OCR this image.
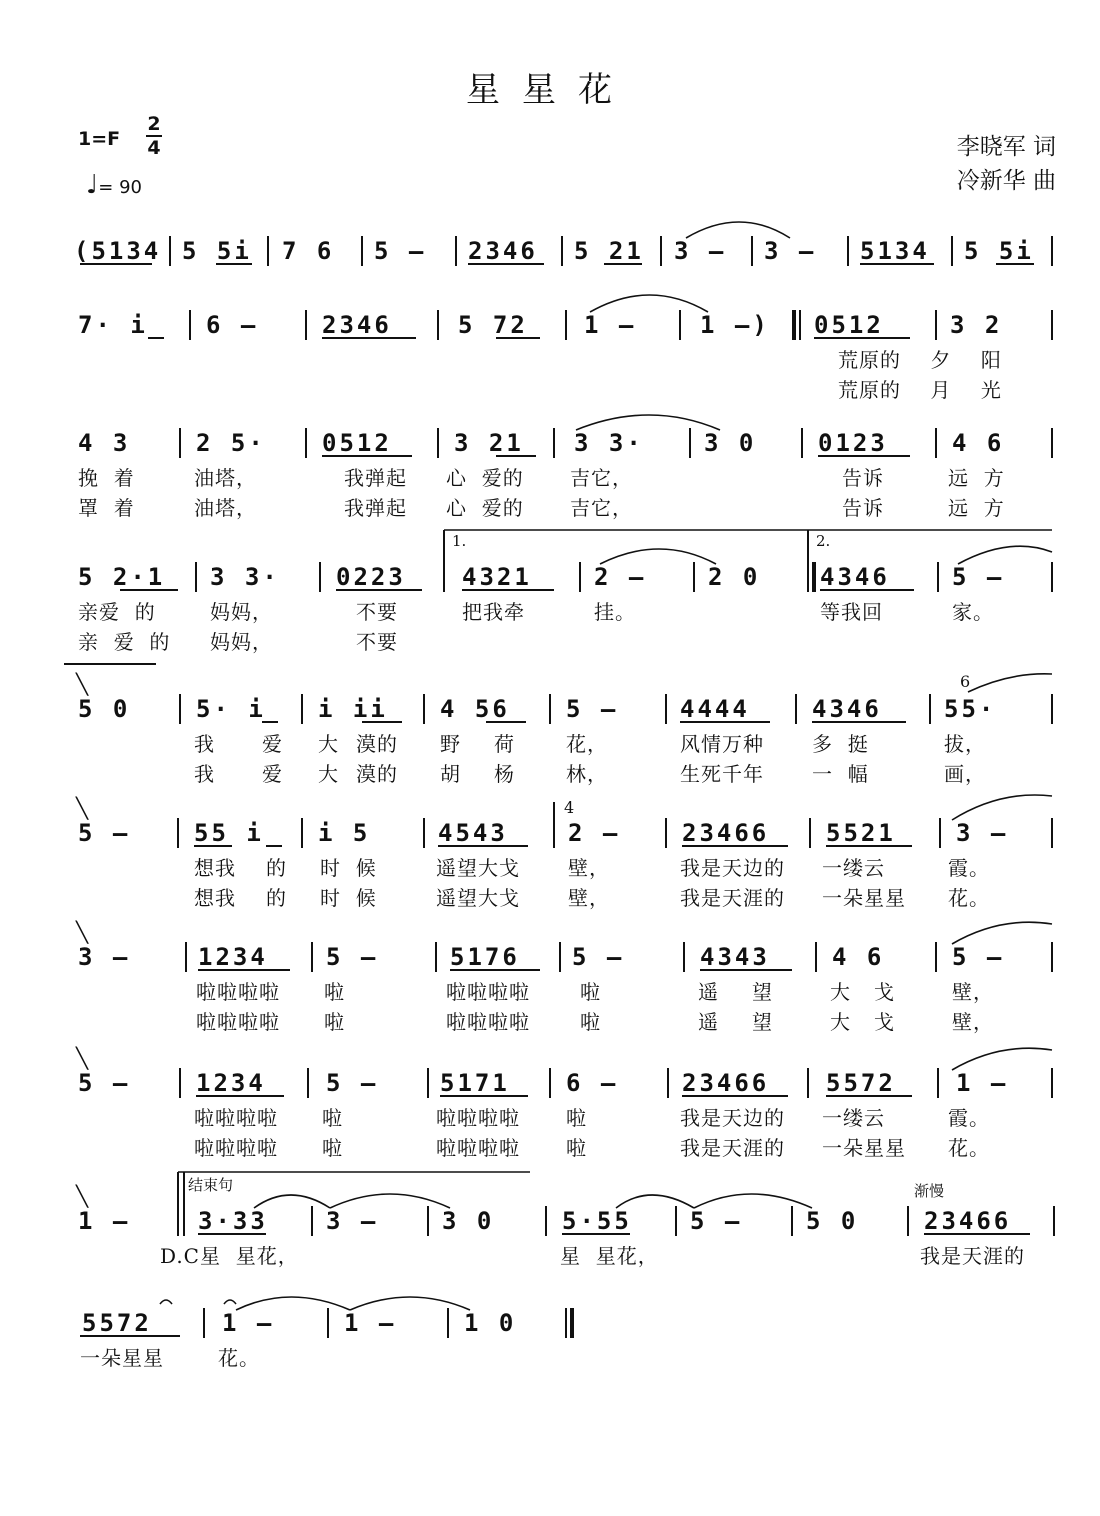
星星花
1=F
2
4
♩= 90
李晓军 词
冷新华 曲
(5134 5 5i 7 6 5 – 2346 5 21 3 – 3 – 5134 5 5i
7· i 6 –	2346	5 72 1 –	1 –) 0512	3 2
荒原的    夕    阳
荒原的    月    光
4 3	2 5· 0512	3 21 3 3·	3 0	0123	4 6
挽  着	油塔，	我弹起 心  爱的 吉它，	告诉	远  方
罩  着	油塔，	我弹起 心  爱的 吉它，	告诉	远  方
1.	2.
5 2·1 3 3· 0223 4321	2 –	2 0 4346	5 –
亲爱  的	妈妈，	不要	把我牵	挂。	等我回	家。
亲  爱  的 妈妈，	不要
╲	6
5 0	5· i i ii 4 56 5 –	4444	4346	55·
我 爱 大 漠的 野 荷	花，	风情万种 多  挺	拔，
我 爱 大 漠的 胡 杨	林，	生死千年 一  幅	画，
╲	4
5 –	55 i i 5	4543	2 –	23466 5521	3 –
想我 的 时  候	遥望大戈 壁，	我是天边的 一缕云	霞。
想我 的 时  候	遥望大戈 壁，	我是天涯的 一朵星星 花。
╲
3 –	1234 5 –	5176 5 –	4343	4 6	5 –
啦啦啦啦 啦	啦啦啦啦	啦	遥 望	大 戈	壁，
啦啦啦啦 啦	啦啦啦啦	啦	遥 望	大 戈	壁，
╲
5 –	1234	5 –	5171 6 –	23466 5572	1 –
啦啦啦啦 啦	啦啦啦啦 啦	我是天边的 一缕云	霞。
啦啦啦啦 啦	啦啦啦啦 啦	我是天涯的 一朵星星 花。
╲	结束句	渐慢
1 –	3·33 3 –	3 0	5·55 5 –	5 0	23466
D.C星  星花，	星  星花，	我是天涯的
5572	1 –	1 –	1 0
一朵星星	花。
